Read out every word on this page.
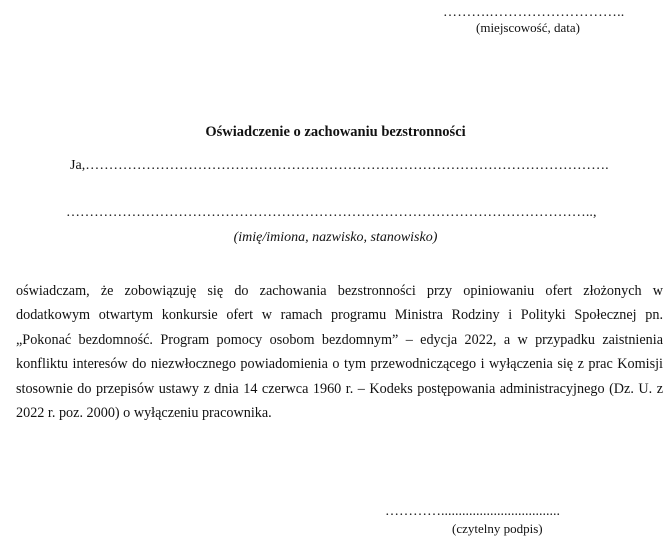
……….………………………..
(miejscowość, data)
Oświadczenie o zachowaniu bezstronności
Ja,………………………………………………………………………………………………….
…………………………………………………………………………………………………..,
(imię/imiona, nazwisko, stanowisko)
oświadczam, że zobowiązuję się do zachowania bezstronności przy opiniowaniu ofert złożonych w
dodatkowym otwartym konkursie ofert w ramach programu Ministra Rodziny i Polityki Społecznej pn.
„Pokonać bezdomność. Program pomocy osobom bezdomnym” – edycja 2022, a w przypadku zaistnienia
konfliktu interesów do niezwłocznego powiadomienia o tym przewodniczącego i wyłączenia się z prac Komisji
stosownie do przepisów ustawy z dnia 14 czerwca 1960 r. – Kodeks postępowania administracyjnego (Dz. U. z
2022 r. poz. 2000) o wyłączeniu pracownika.
…………..................................
(czytelny podpis)
